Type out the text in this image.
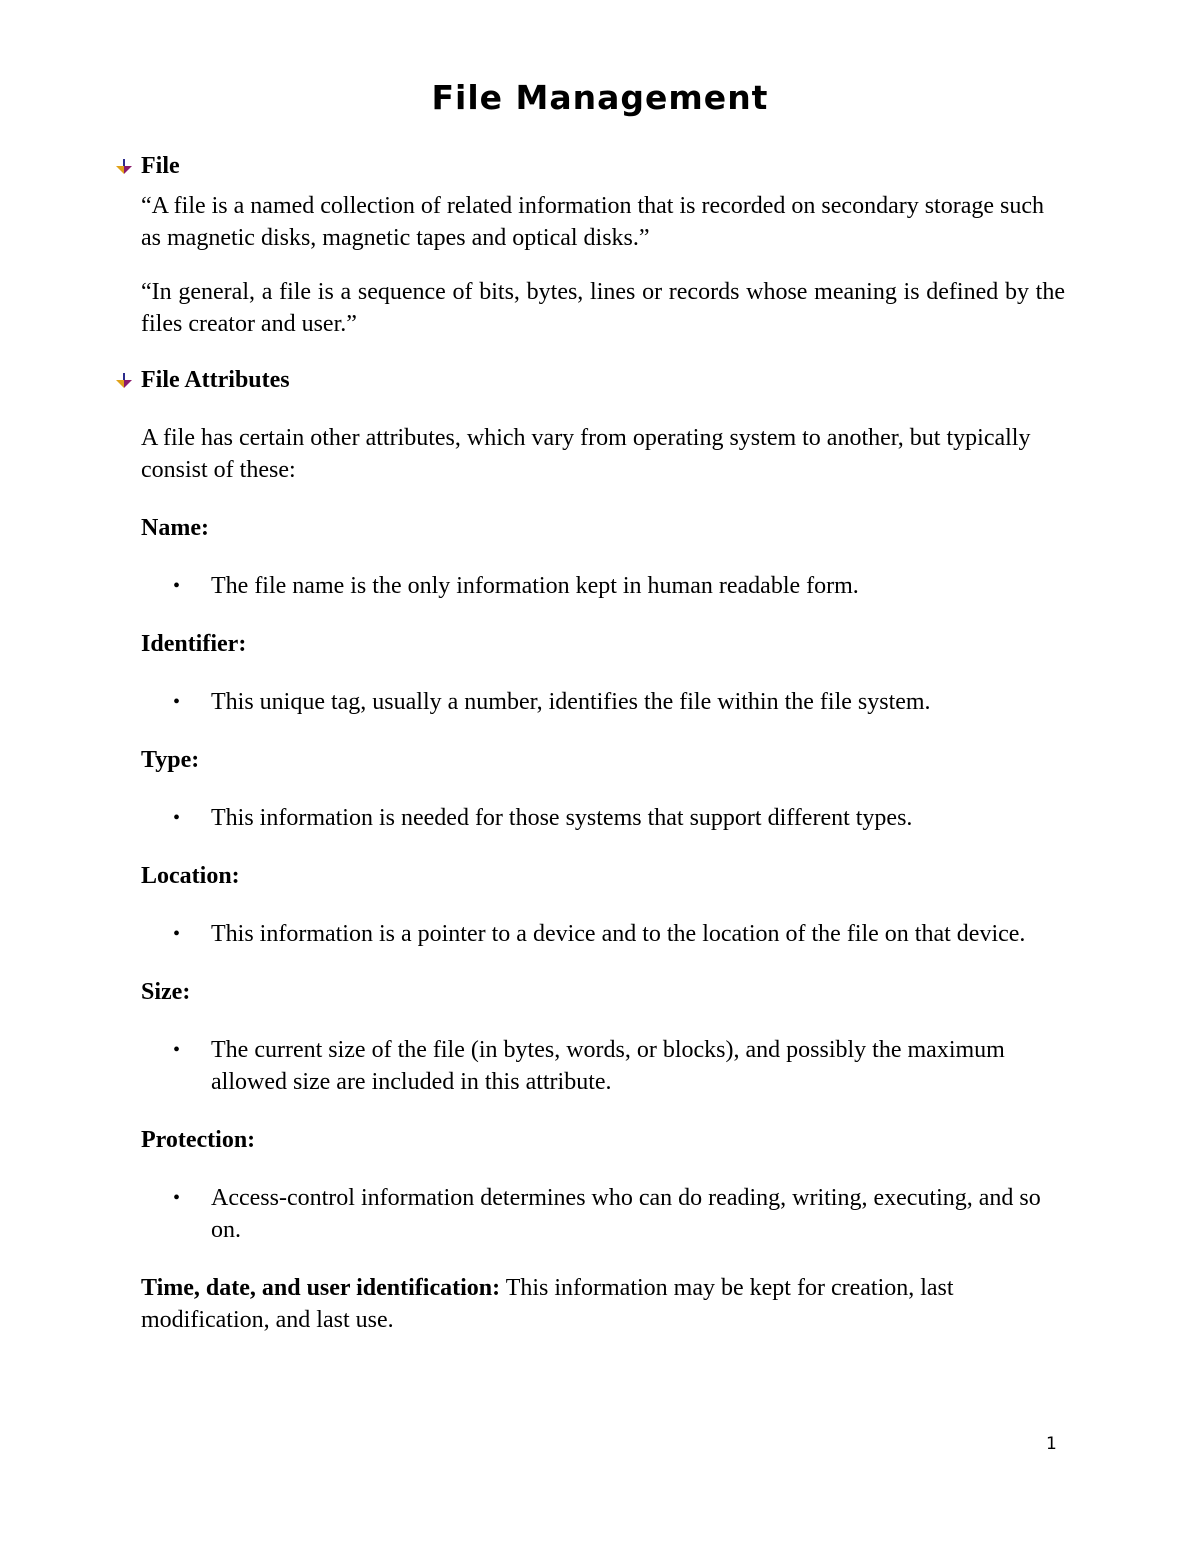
File Management

File

“A file is a named collection of related information that is recorded on secondary storage such as magnetic disks, magnetic tapes and optical disks.”

“In general, a file is a sequence of bits, bytes, lines or records whose meaning is defined by the files creator and user.”

File Attributes

A file has certain other attributes, which vary from operating system to another, but typically consist of these:

Name:

• The file name is the only information kept in human readable form.

Identifier:

• This unique tag, usually a number, identifies the file within the file system.

Type:

• This information is needed for those systems that support different types.

Location:

• This information is a pointer to a device and to the location of the file on that device.

Size:

• The current size of the file (in bytes, words, or blocks), and possibly the maximum allowed size are included in this attribute.

Protection:

• Access-control information determines who can do reading, writing, executing, and so on.

Time, date, and user identification: This information may be kept for creation, last modification, and last use.

1
